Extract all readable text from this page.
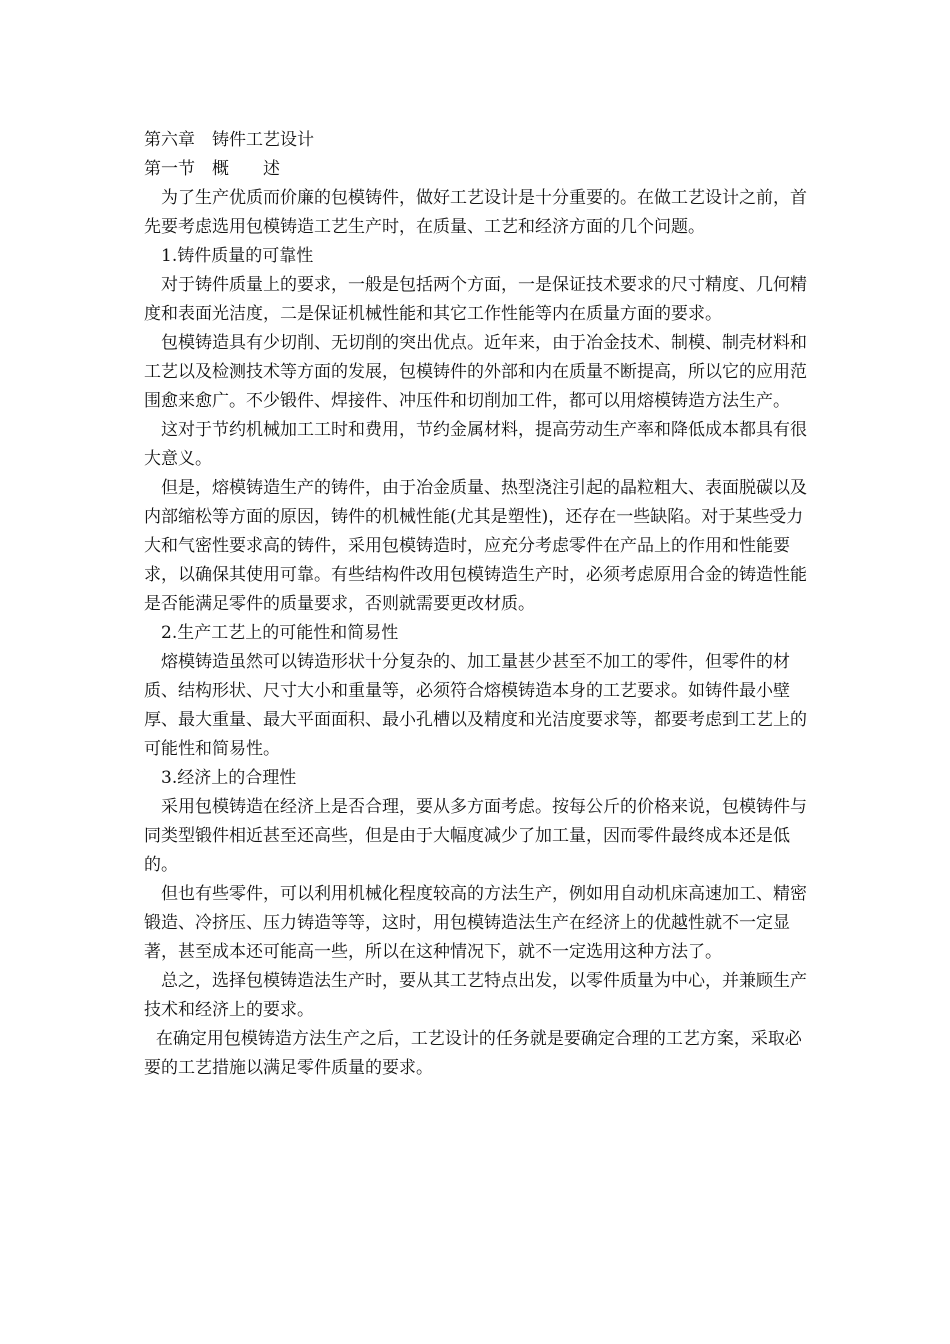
第六章　铸件工艺设计

第一节　概　　述

为了生产优质而价廉的包模铸件，做好工艺设计是十分重要的。在做工艺设计之前，首先要考虑选用包模铸造工艺生产时，在质量、工艺和经济方面的几个问题。

1.铸件质量的可靠性

对于铸件质量上的要求，一般是包括两个方面，一是保证技术要求的尺寸精度、几何精度和表面光洁度，二是保证机械性能和其它工作性能等内在质量方面的要求。

包模铸造具有少切削、无切削的突出优点。近年来，由于冶金技术、制模、制壳材料和工艺以及检测技术等方面的发展，包模铸件的外部和内在质量不断提高，所以它的应用范围愈来愈广。不少锻件、焊接件、冲压件和切削加工件，都可以用熔模铸造方法生产。

这对于节约机械加工工时和费用，节约金属材料，提高劳动生产率和降低成本都具有很大意义。

但是，熔模铸造生产的铸件，由于冶金质量、热型浇注引起的晶粒粗大、表面脱碳以及内部缩松等方面的原因，铸件的机械性能(尤其是塑性)，还存在一些缺陷。对于某些受力大和气密性要求高的铸件，采用包模铸造时，应充分考虑零件在产品上的作用和性能要求，以确保其使用可靠。有些结构件改用包模铸造生产时，必须考虑原用合金的铸造性能是否能满足零件的质量要求，否则就需要更改材质。

2.生产工艺上的可能性和简易性

熔模铸造虽然可以铸造形状十分复杂的、加工量甚少甚至不加工的零件，但零件的材质、结构形状、尺寸大小和重量等，必须符合熔模铸造本身的工艺要求。如铸件最小壁厚、最大重量、最大平面面积、最小孔槽以及精度和光洁度要求等，都要考虑到工艺上的可能性和简易性。

3.经济上的合理性

采用包模铸造在经济上是否合理，要从多方面考虑。按每公斤的价格来说，包模铸件与同类型锻件相近甚至还高些，但是由于大幅度减少了加工量，因而零件最终成本还是低的。

但也有些零件，可以利用机械化程度较高的方法生产，例如用自动机床高速加工、精密锻造、冷挤压、压力铸造等等，这时，用包模铸造法生产在经济上的优越性就不一定显著，甚至成本还可能高一些，所以在这种情况下，就不一定选用这种方法了。

总之，选择包模铸造法生产时，要从其工艺特点出发，以零件质量为中心，并兼顾生产技术和经济上的要求。

在确定用包模铸造方法生产之后，工艺设计的任务就是要确定合理的工艺方案，采取必要的工艺措施以满足零件质量的要求。
